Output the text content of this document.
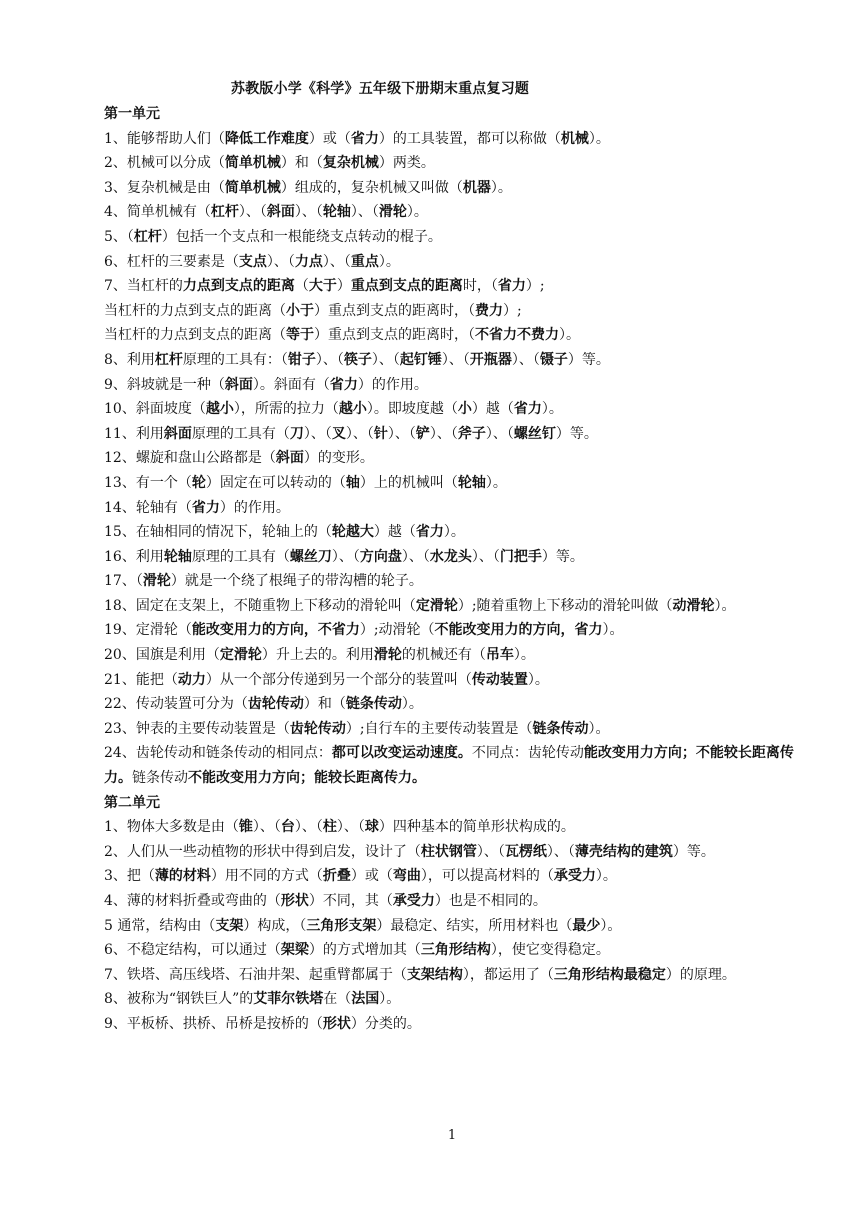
苏教版小学《科学》五年级下册期末重点复习题
第一单元
1、能够帮助人们（降低工作难度）或（省力）的工具装置，都可以称做（机械）。
2、机械可以分成（简单机械）和（复杂机械）两类。
3、复杂机械是由（简单机械）组成的，复杂机械又叫做（机器）。
4、简单机械有（杠杆）、（斜面）、（轮轴）、（滑轮）。
5、（杠杆）包括一个支点和一根能绕支点转动的棍子。
6、杠杆的三要素是（支点）、（力点）、（重点）。
7、当杠杆的力点到支点的距离（大于）重点到支点的距离时，（省力）;
当杠杆的力点到支点的距离（小于）重点到支点的距离时，（费力）;
当杠杆的力点到支点的距离（等于）重点到支点的距离时，（不省力不费力）。
8、利用杠杆原理的工具有：（钳子）、（筷子）、（起钉锤）、（开瓶器）、（镊子）等。
9、斜坡就是一种（斜面）。斜面有（省力）的作用。
10、斜面坡度（越小），所需的拉力（越小）。即坡度越（小）越（省力）。
11、利用斜面原理的工具有（刀）、（叉）、（针）、（铲）、（斧子）、（螺丝钉）等。
12、螺旋和盘山公路都是（斜面）的变形。
13、有一个（轮）固定在可以转动的（轴）上的机械叫（轮轴）。
14、轮轴有（省力）的作用。
15、在轴相同的情况下，轮轴上的（轮越大）越（省力）。
16、利用轮轴原理的工具有（螺丝刀）、（方向盘）、（水龙头）、（门把手）等。
17、（滑轮）就是一个绕了根绳子的带沟槽的轮子。
18、固定在支架上，不随重物上下移动的滑轮叫（定滑轮）;随着重物上下移动的滑轮叫做（动滑轮）。
19、定滑轮（能改变用力的方向，不省力）;动滑轮（不能改变用力的方向，省力）。
20、国旗是利用（定滑轮）升上去的。利用滑轮的机械还有（吊车）。
21、能把（动力）从一个部分传递到另一个部分的装置叫（传动装置）。
22、传动装置可分为（齿轮传动）和（链条传动）。
23、钟表的主要传动装置是（齿轮传动）;自行车的主要传动装置是（链条传动）。
24、齿轮传动和链条传动的相同点：都可以改变运动速度。不同点：齿轮传动能改变用力方向；不能较长距离传力。链条传动不能改变用力方向；能较长距离传力。
第二单元
1、物体大多数是由（锥）、（台）、（柱）、（球）四种基本的简单形状构成的。
2、人们从一些动植物的形状中得到启发，设计了（柱状钢管）、（瓦楞纸）、（薄壳结构的建筑）等。
3、把（薄的材料）用不同的方式（折叠）或（弯曲），可以提高材料的（承受力）。
4、薄的材料折叠或弯曲的（形状）不同，其（承受力）也是不相同的。
5 通常，结构由（支架）构成，（三角形支架）最稳定、结实，所用材料也（最少）。
6、不稳定结构，可以通过（架梁）的方式增加其（三角形结构），使它变得稳定。
7、铁塔、高压线塔、石油井架、起重臂都属于（支架结构），都运用了（三角形结构最稳定）的原理。
8、被称为“钢铁巨人”的艾菲尔铁塔在（法国）。
9、平板桥、拱桥、吊桥是按桥的（形状）分类的。
1
